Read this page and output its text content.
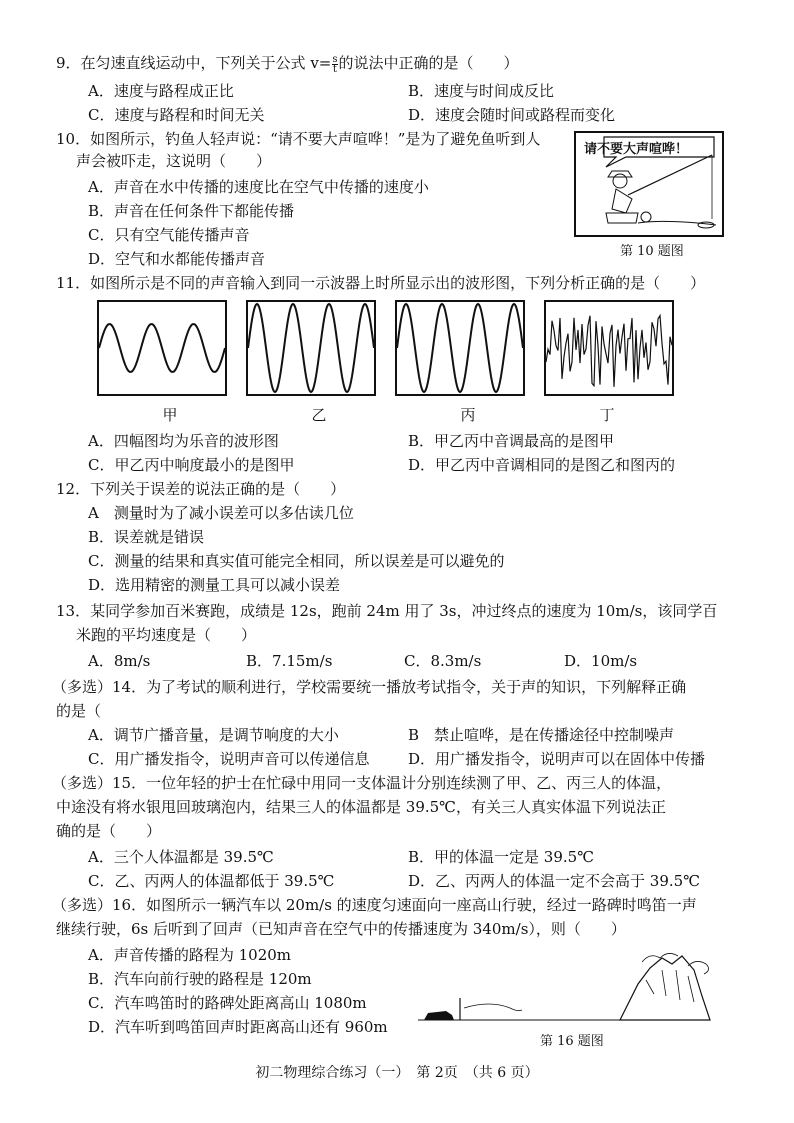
9．在匀速直线运动中，下列关于公式 $v= \frac{s}{t}$ 的说法中正确的是（　　）
A．速度与路程成正比	B．速度与时间成反比
C．速度与路程和时间无关	D．速度会随时间或路程而变化
10．如图所示，钓鱼人轻声说：“请不要大声喧哗！”是为了避免鱼听到人
声会被吓走，这说明（　　）
A．声音在水中传播的速度比在空气中传播的速度小
B．声音在任何条件下都能传播
C．只有空气能传播声音
D．空气和水都能传播声音
请不要大声喧哗！
第 10 题图
11．如图所示是不同的声音输入到同一示波器上时所显示出的波形图，下列分析正确的是（　　）
甲	乙	丙	丁
A．四幅图均为乐音的波形图	B．甲乙丙中音调最高的是图甲
C．甲乙丙中响度最小的是图甲	D．甲乙丙中音调相同的是图乙和图丙的
12．下列关于误差的说法正确的是（　　）
A　测量时为了减小误差可以多估读几位
B．误差就是错误
C．测量的结果和真实值可能完全相同，所以误差是可以避免的
D．选用精密的测量工具可以减小误差
13．某同学参加百米赛跑，成绩是 12s，跑前 24m 用了 3s，冲过终点的速度为 10m/s，该同学百
米跑的平均速度是（　　）
A．8m/s	B．7.15m/s	C．8.3m/s	D．10m/s
（多选）14．为了考试的顺利进行，学校需要统一播放考试指令，关于声的知识，下列解释正确
的是（
A．调节广播音量，是调节响度的大小	B　禁止喧哗，是在传播途径中控制噪声
C．用广播发指令，说明声音可以传递信息	D．用广播发指令，说明声可以在固体中传播
（多选）15．一位年轻的护士在忙碌中用同一支体温计分别连续测了甲、乙、丙三人的体温，
中途没有将水银甩回玻璃泡内，结果三人的体温都是 39.5℃，有关三人真实体温下列说法正
确的是（　　）
A．三个人体温都是 39.5℃	B．甲的体温一定是 39.5℃
C．乙、丙两人的体温都低于 39.5℃	D．乙、丙两人的体温一定不会高于 39.5℃
（多选）16．如图所示一辆汽车以 20m/s 的速度匀速面向一座高山行驶，经过一路碑时鸣笛一声
继续行驶，6s 后听到了回声（已知声音在空气中的传播速度为 340m/s），则（　　）
A．声音传播的路程为 1020m
B．汽车向前行驶的路程是 120m
C．汽车鸣笛时的路碑处距离高山 1080m
D．汽车听到鸣笛回声时距离高山还有 960m
第 16 题图
初二物理综合练习（一）　第 2页　（共 6 页）
